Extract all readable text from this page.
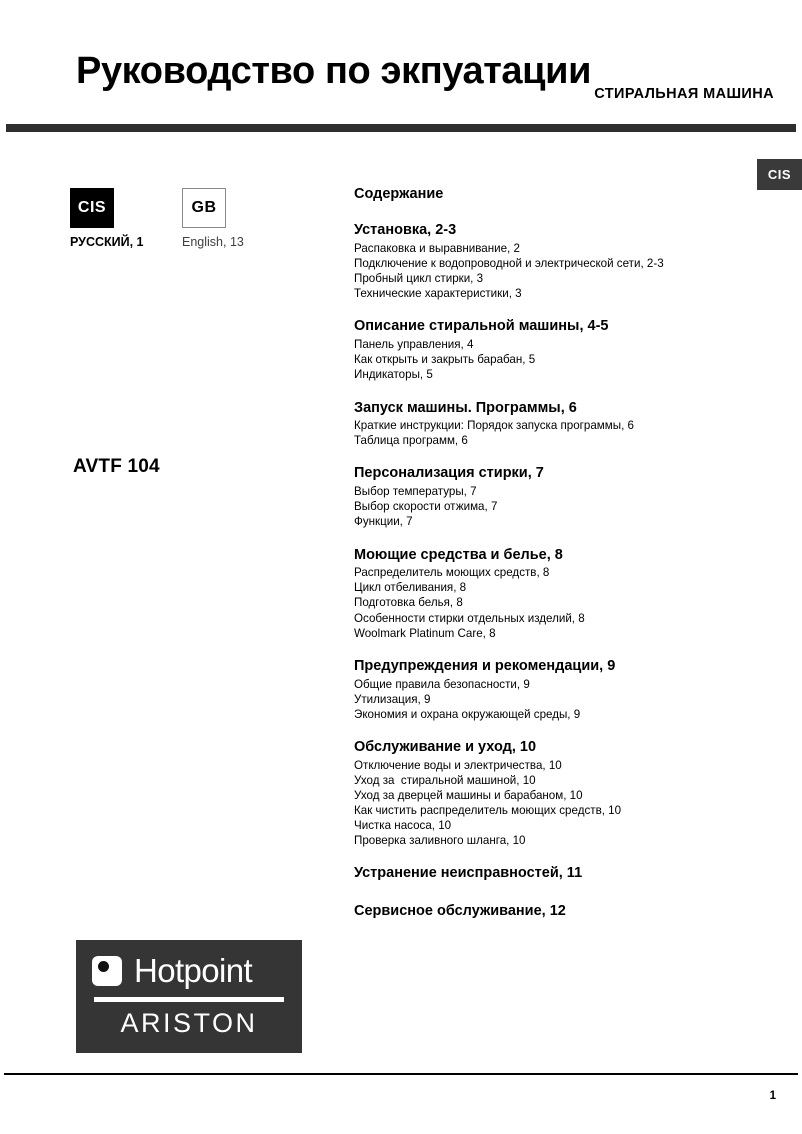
Руководство по экпуатации
СТИРАЛЬНАЯ МАШИНА
CIS
CIS
РУССКИЙ, 1
GB
English, 13
AVTF 104
Hotpoint
ARISTON
Содержание
Установка, 2-3
Распаковка и выравнивание, 2
Подключение к водопроводной и электрической сети, 2-3
Пробный цикл стирки, 3
Технические характеристики, 3
Описание стиральной машины, 4-5
Панель управления, 4
Как открыть и закрыть барабан, 5
Индикаторы, 5
Запуск машины. Программы, 6
Краткие инструкции: Порядок запуска программы, 6
Таблица программ, 6
Персонализация стирки, 7
Выбор температуры, 7
Выбор скорости отжима, 7
Функции, 7
Моющие средства и белье, 8
Распределитель моющих средств, 8
Цикл отбеливания, 8
Подготовка белья, 8
Особенности стирки отдельных изделий, 8
Woolmark Platinum Care, 8
Предупреждения и рекомендации, 9
Общие правила безопасности, 9
Утилизация, 9
Экономия и охрана окружающей среды, 9
Обслуживание и уход, 10
Отключение воды и электричества, 10
Уход за  стиральной машиной, 10
Уход за дверцей машины и барабаном, 10
Как чистить распределитель моющих средств, 10
Чистка насоса, 10
Проверка заливного шланга, 10
Устранение неисправностей, 11
Сервисное обслуживание, 12
1
